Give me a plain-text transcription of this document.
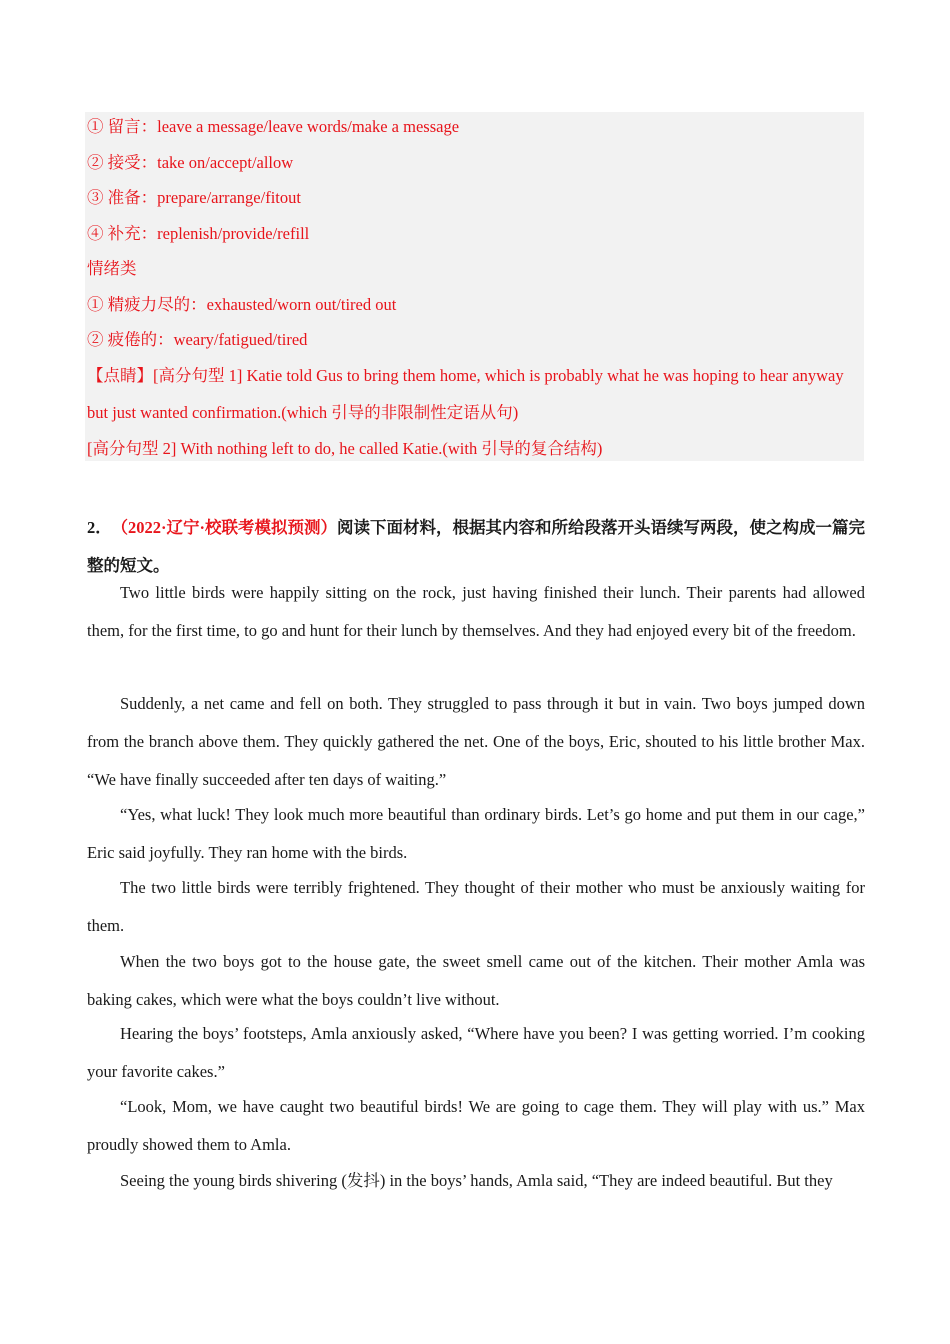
① 留言：leave a message/leave words/make a message
② 接受：take on/accept/allow
③ 准备：prepare/arrange/fitout
④ 补充：replenish/provide/refill
情绪类
① 精疲力尽的：exhausted/worn out/tired out
② 疲倦的：weary/fatigued/tired
【点睛】[高分句型 1] Katie told Gus to bring them home, which is probably what he was hoping to hear anyway
but just wanted confirmation.(which 引导的非限制性定语从句)
[高分句型 2] With nothing left to do, he called Katie.(with 引导的复合结构)
2． （2022·辽宁·校联考模拟预测）阅读下面材料，根据其内容和所给段落开头语续写两段，使之构成一篇完整的短文。

Two little birds were happily sitting on the rock, just having finished their lunch. Their parents had allowed them, for the first time, to go and hunt for their lunch by themselves. And they had enjoyed every bit of the freedom.

Suddenly, a net came and fell on both. They struggled to pass through it but in vain. Two boys jumped down from the branch above them. They quickly gathered the net. One of the boys, Eric, shouted to his little brother Max. “We have finally succeeded after ten days of waiting.”

“Yes, what luck! They look much more beautiful than ordinary birds. Let’s go home and put them in our cage,” Eric said joyfully. They ran home with the birds.

The two little birds were terribly frightened. They thought of their mother who must be anxiously waiting for them.

When the two boys got to the house gate, the sweet smell came out of the kitchen. Their mother Amla was baking cakes, which were what the boys couldn’t live without.

Hearing the boys’ footsteps, Amla anxiously asked, “Where have you been? I was getting worried. I’m cooking your favorite cakes.”

“Look, Mom, we have caught two beautiful birds! We are going to cage them. They will play with us.” Max proudly showed them to Amla.

Seeing the young birds shivering (发抖) in the boys’ hands, Amla said, “They are indeed beautiful. But they
